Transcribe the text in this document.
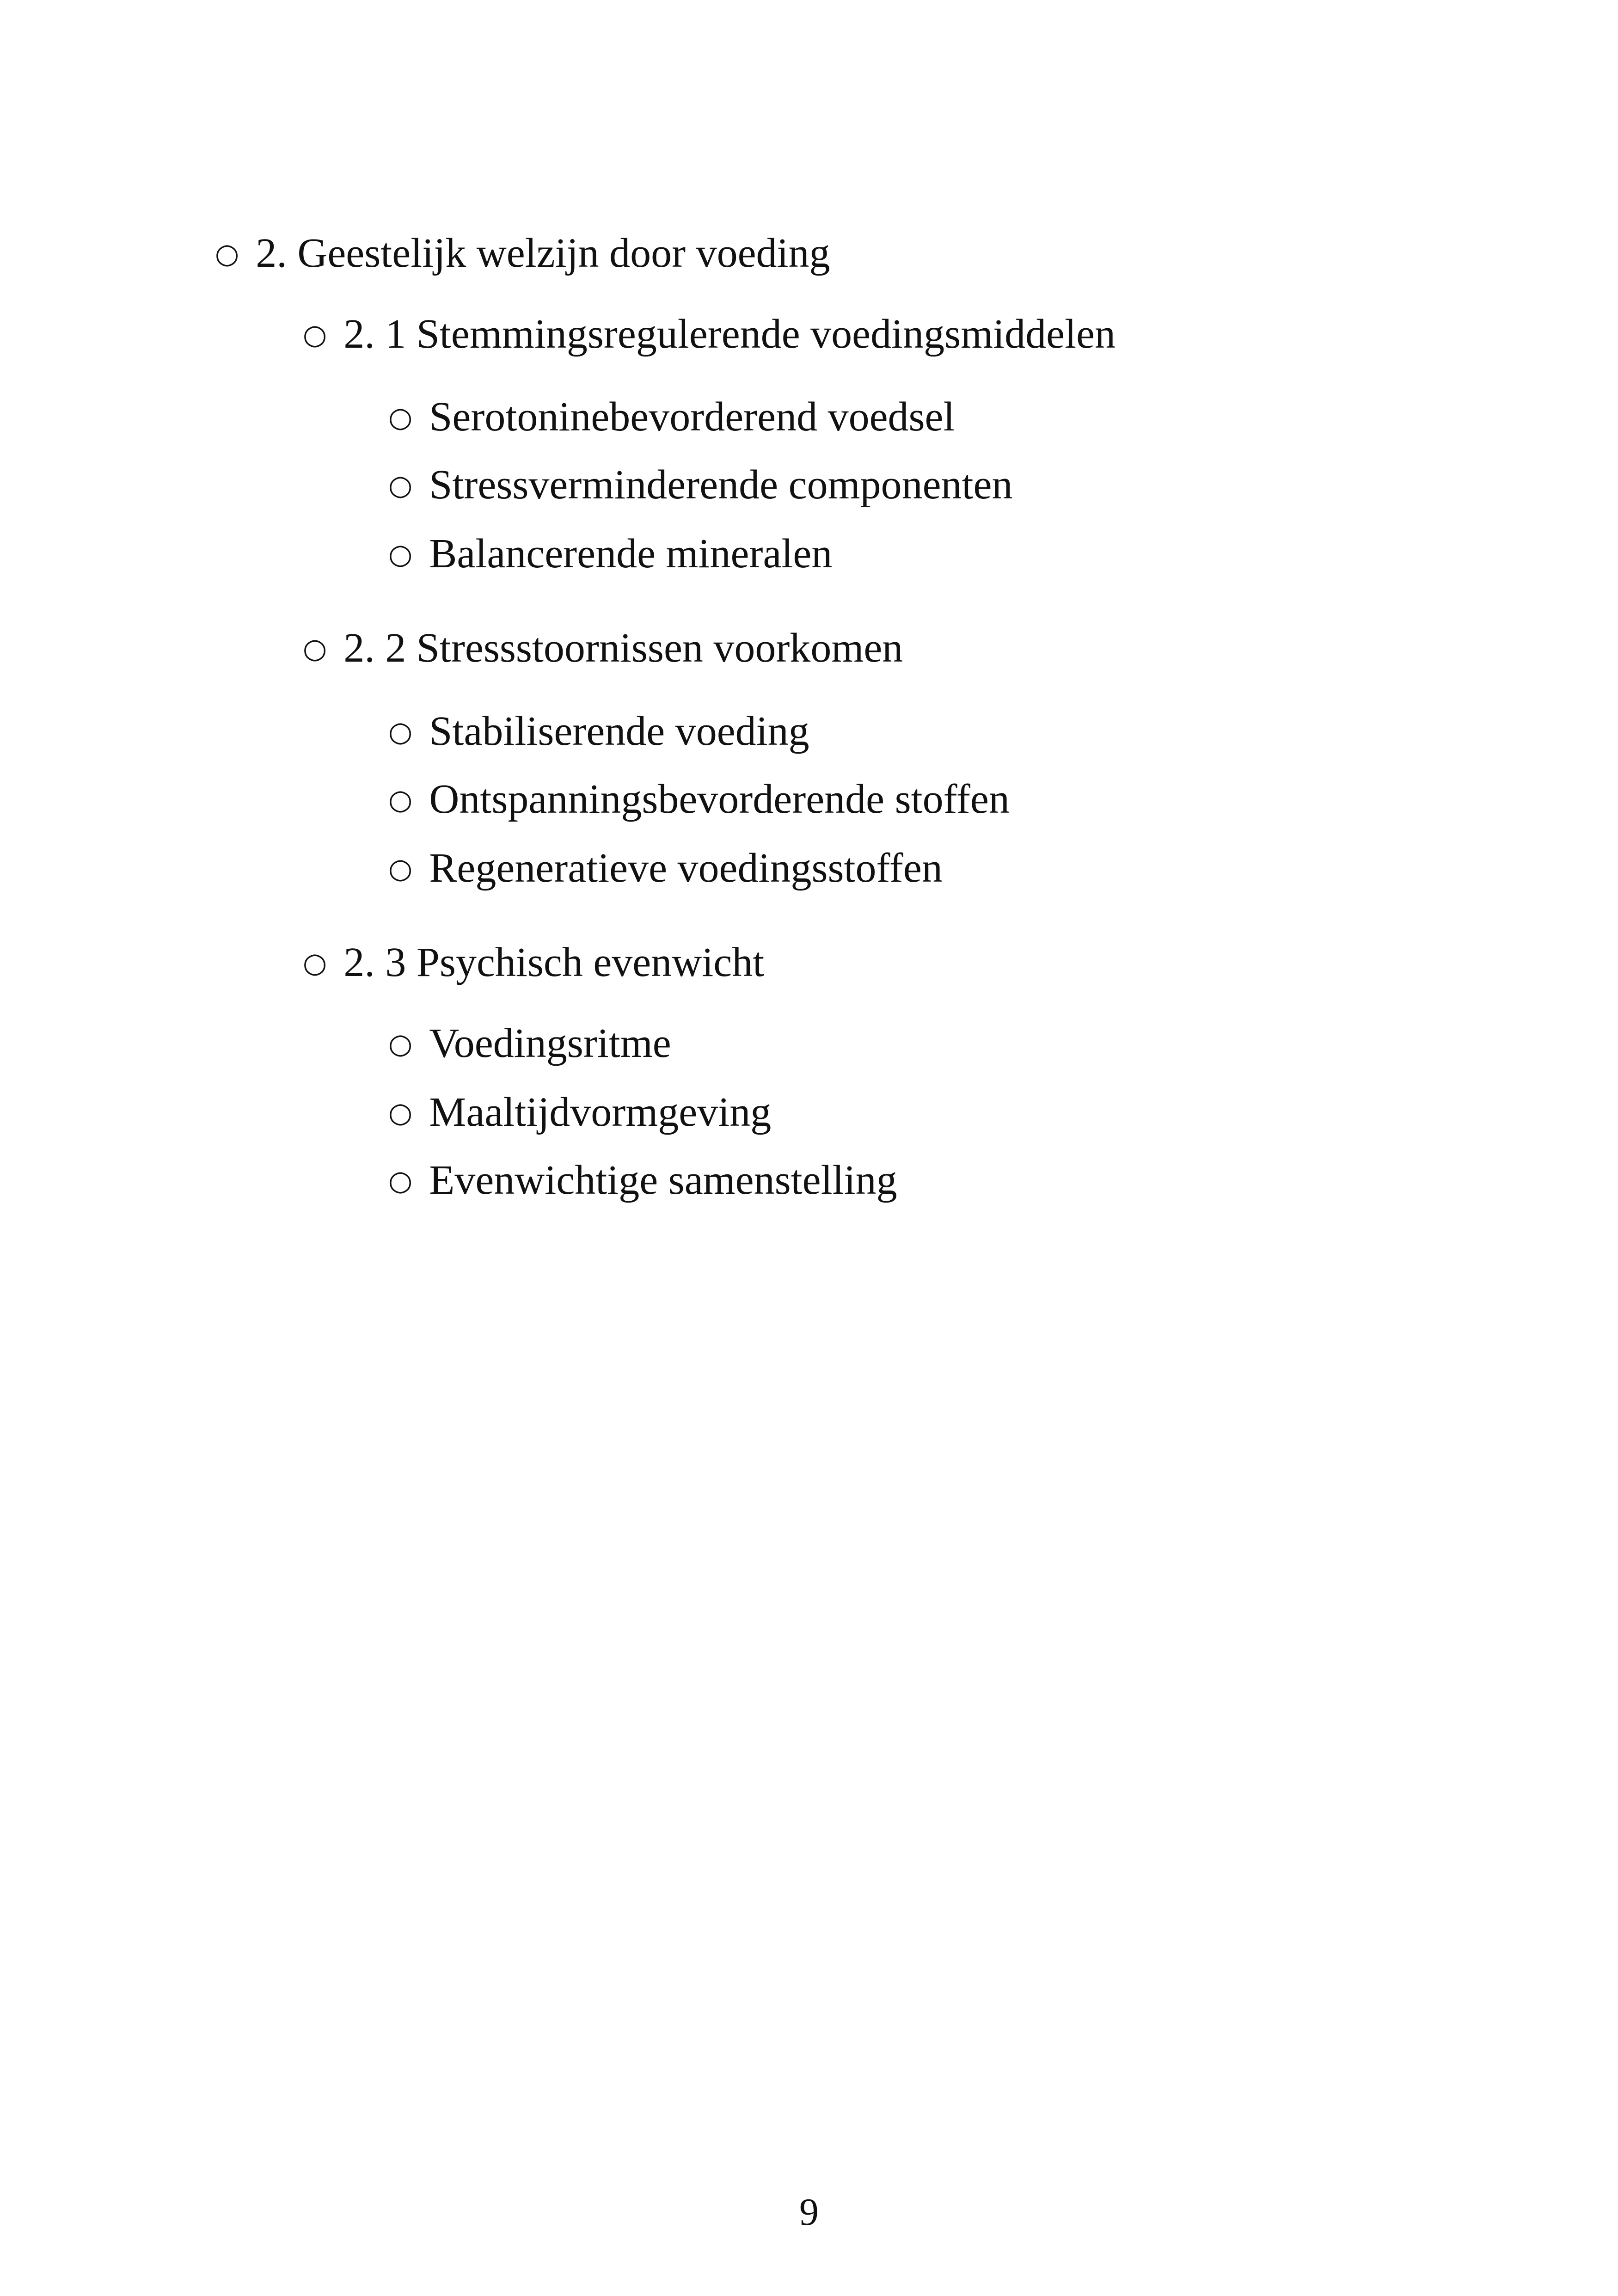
○ 2. Geestelijk welzijn door voeding
○ 2. 1 Stemmingsregulerende voedingsmiddelen
○ Serotoninebevorderend voedsel
○ Stressverminderende componenten
○ Balancerende mineralen
○ 2. 2 Stressstoornissen voorkomen
○ Stabiliserende voeding
○ Ontspanningsbevorderende stoffen
○ Regeneratieve voedingsstoffen
○ 2. 3 Psychisch evenwicht
○ Voedingsritme
○ Maaltijdvormgeving
○ Evenwichtige samenstelling
9
